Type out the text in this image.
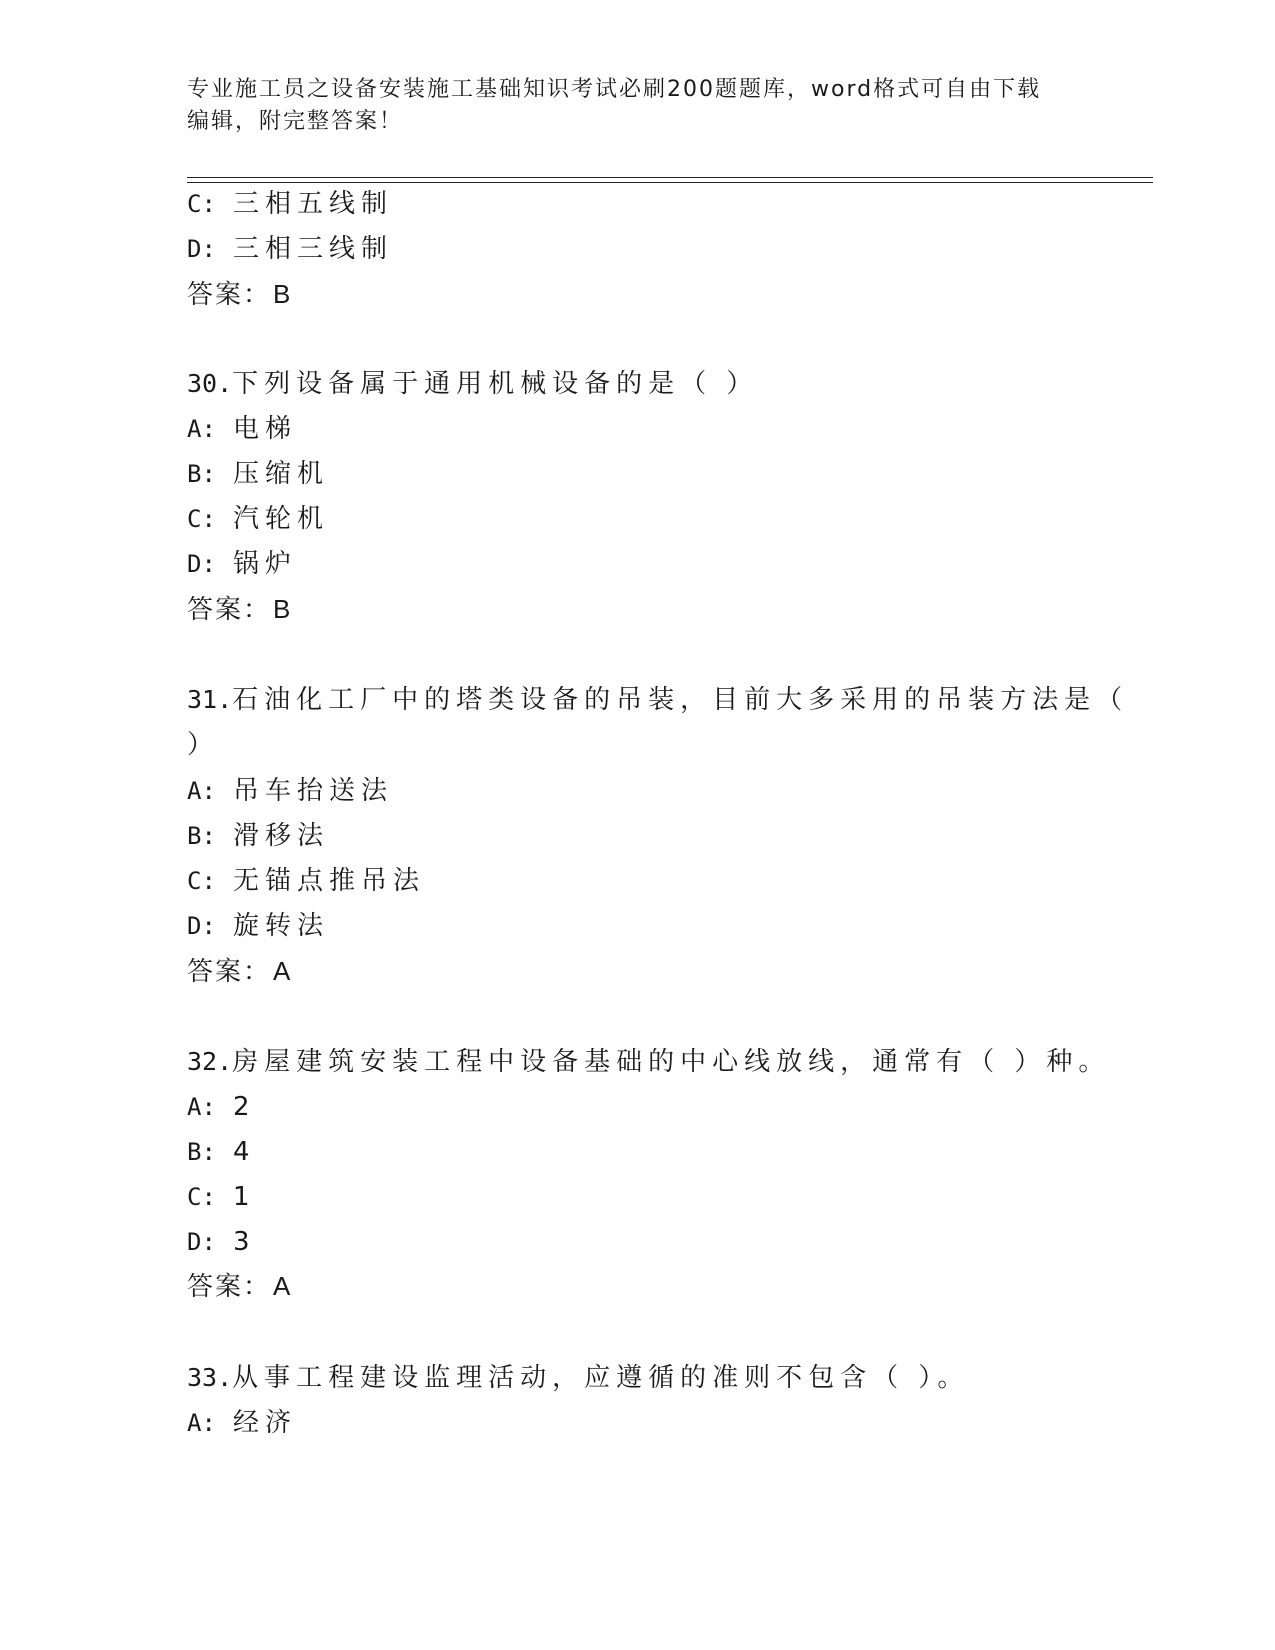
专业施工员之设备安装施工基础知识考试必刷200题题库，word格式可自由下载
编辑，附完整答案！
C: 三相五线制
D: 三相三线制
答案：B
30.下列设备属于通用机械设备的是（ ）
A: 电梯
B: 压缩机
C: 汽轮机
D: 锅炉
答案：B
31.石油化工厂中的塔类设备的吊装，目前大多采用的吊装方法是（
）
A: 吊车抬送法
B: 滑移法
C: 无锚点推吊法
D: 旋转法
答案：A
32.房屋建筑安装工程中设备基础的中心线放线，通常有（ ）种。
A: 2
B: 4
C: 1
D: 3
答案：A
33.从事工程建设监理活动，应遵循的准则不包含（ ）。
A: 经济
